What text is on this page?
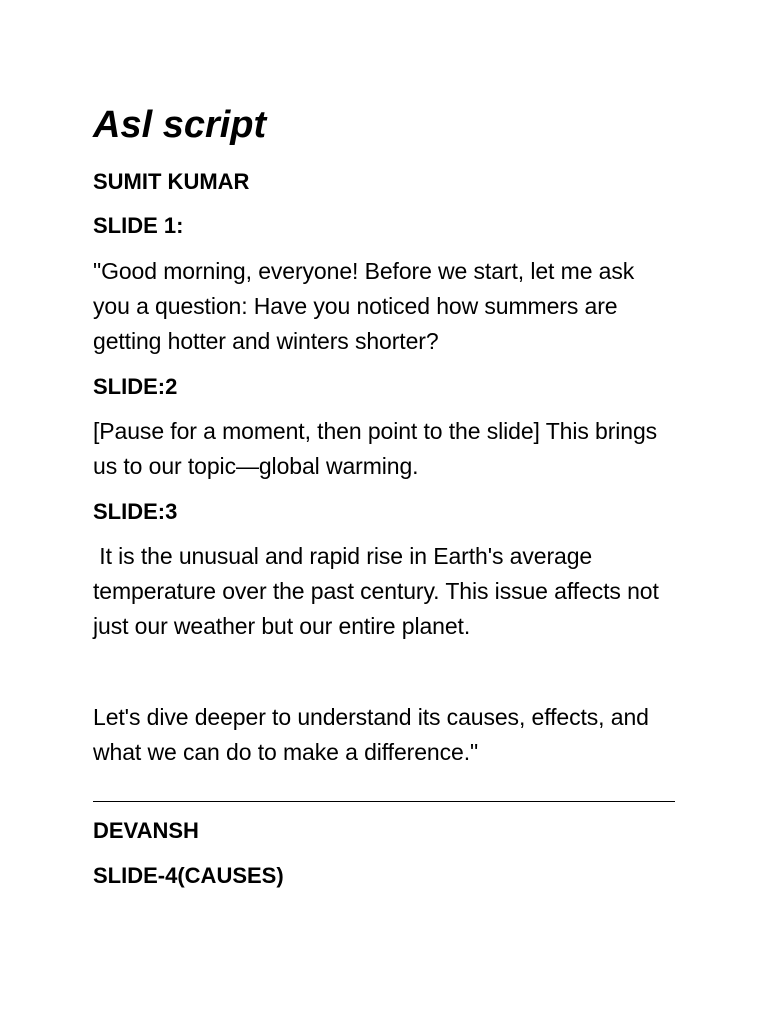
Asl script

SUMIT KUMAR

SLIDE 1:

"Good morning, everyone! Before we start, let me ask you a question: Have you noticed how summers are getting hotter and winters shorter?

SLIDE:2

[Pause for a moment, then point to the slide] This brings us to our topic—global warming.

SLIDE:3

It is the unusual and rapid rise in Earth's average temperature over the past century. This issue affects not just our weather but our entire planet.

Let's dive deeper to understand its causes, effects, and what we can do to make a difference."

DEVANSH

SLIDE-4(CAUSES)
